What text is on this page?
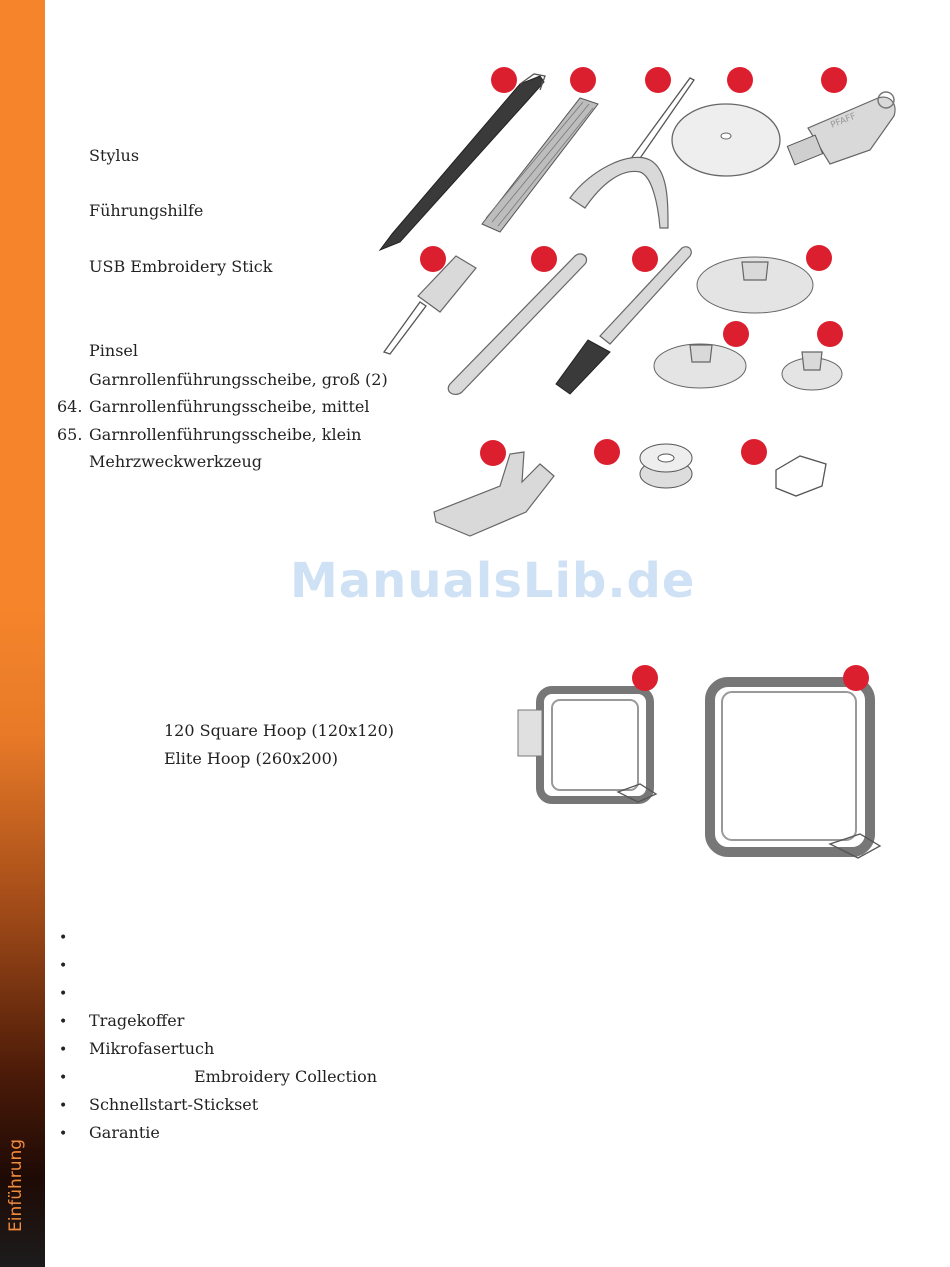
Einführung
Stylus
Führungshilfe
USB Embroidery Stick
Pinsel
Garnrollenführungsscheibe, groß (2)
64. Garnrollenführungsscheibe, mittel
65. Garnrollenführungsscheibe, klein
Mehrzweckwerkzeug
120 Square Hoop (120x120)
Elite Hoop (260x200)
•
•
•
• Tragekoffer
• Mikrofasertuch
•	Embroidery Collection
• Schnellstart-Stickset
• Garantie
PFAFF
ManualsLib.de
